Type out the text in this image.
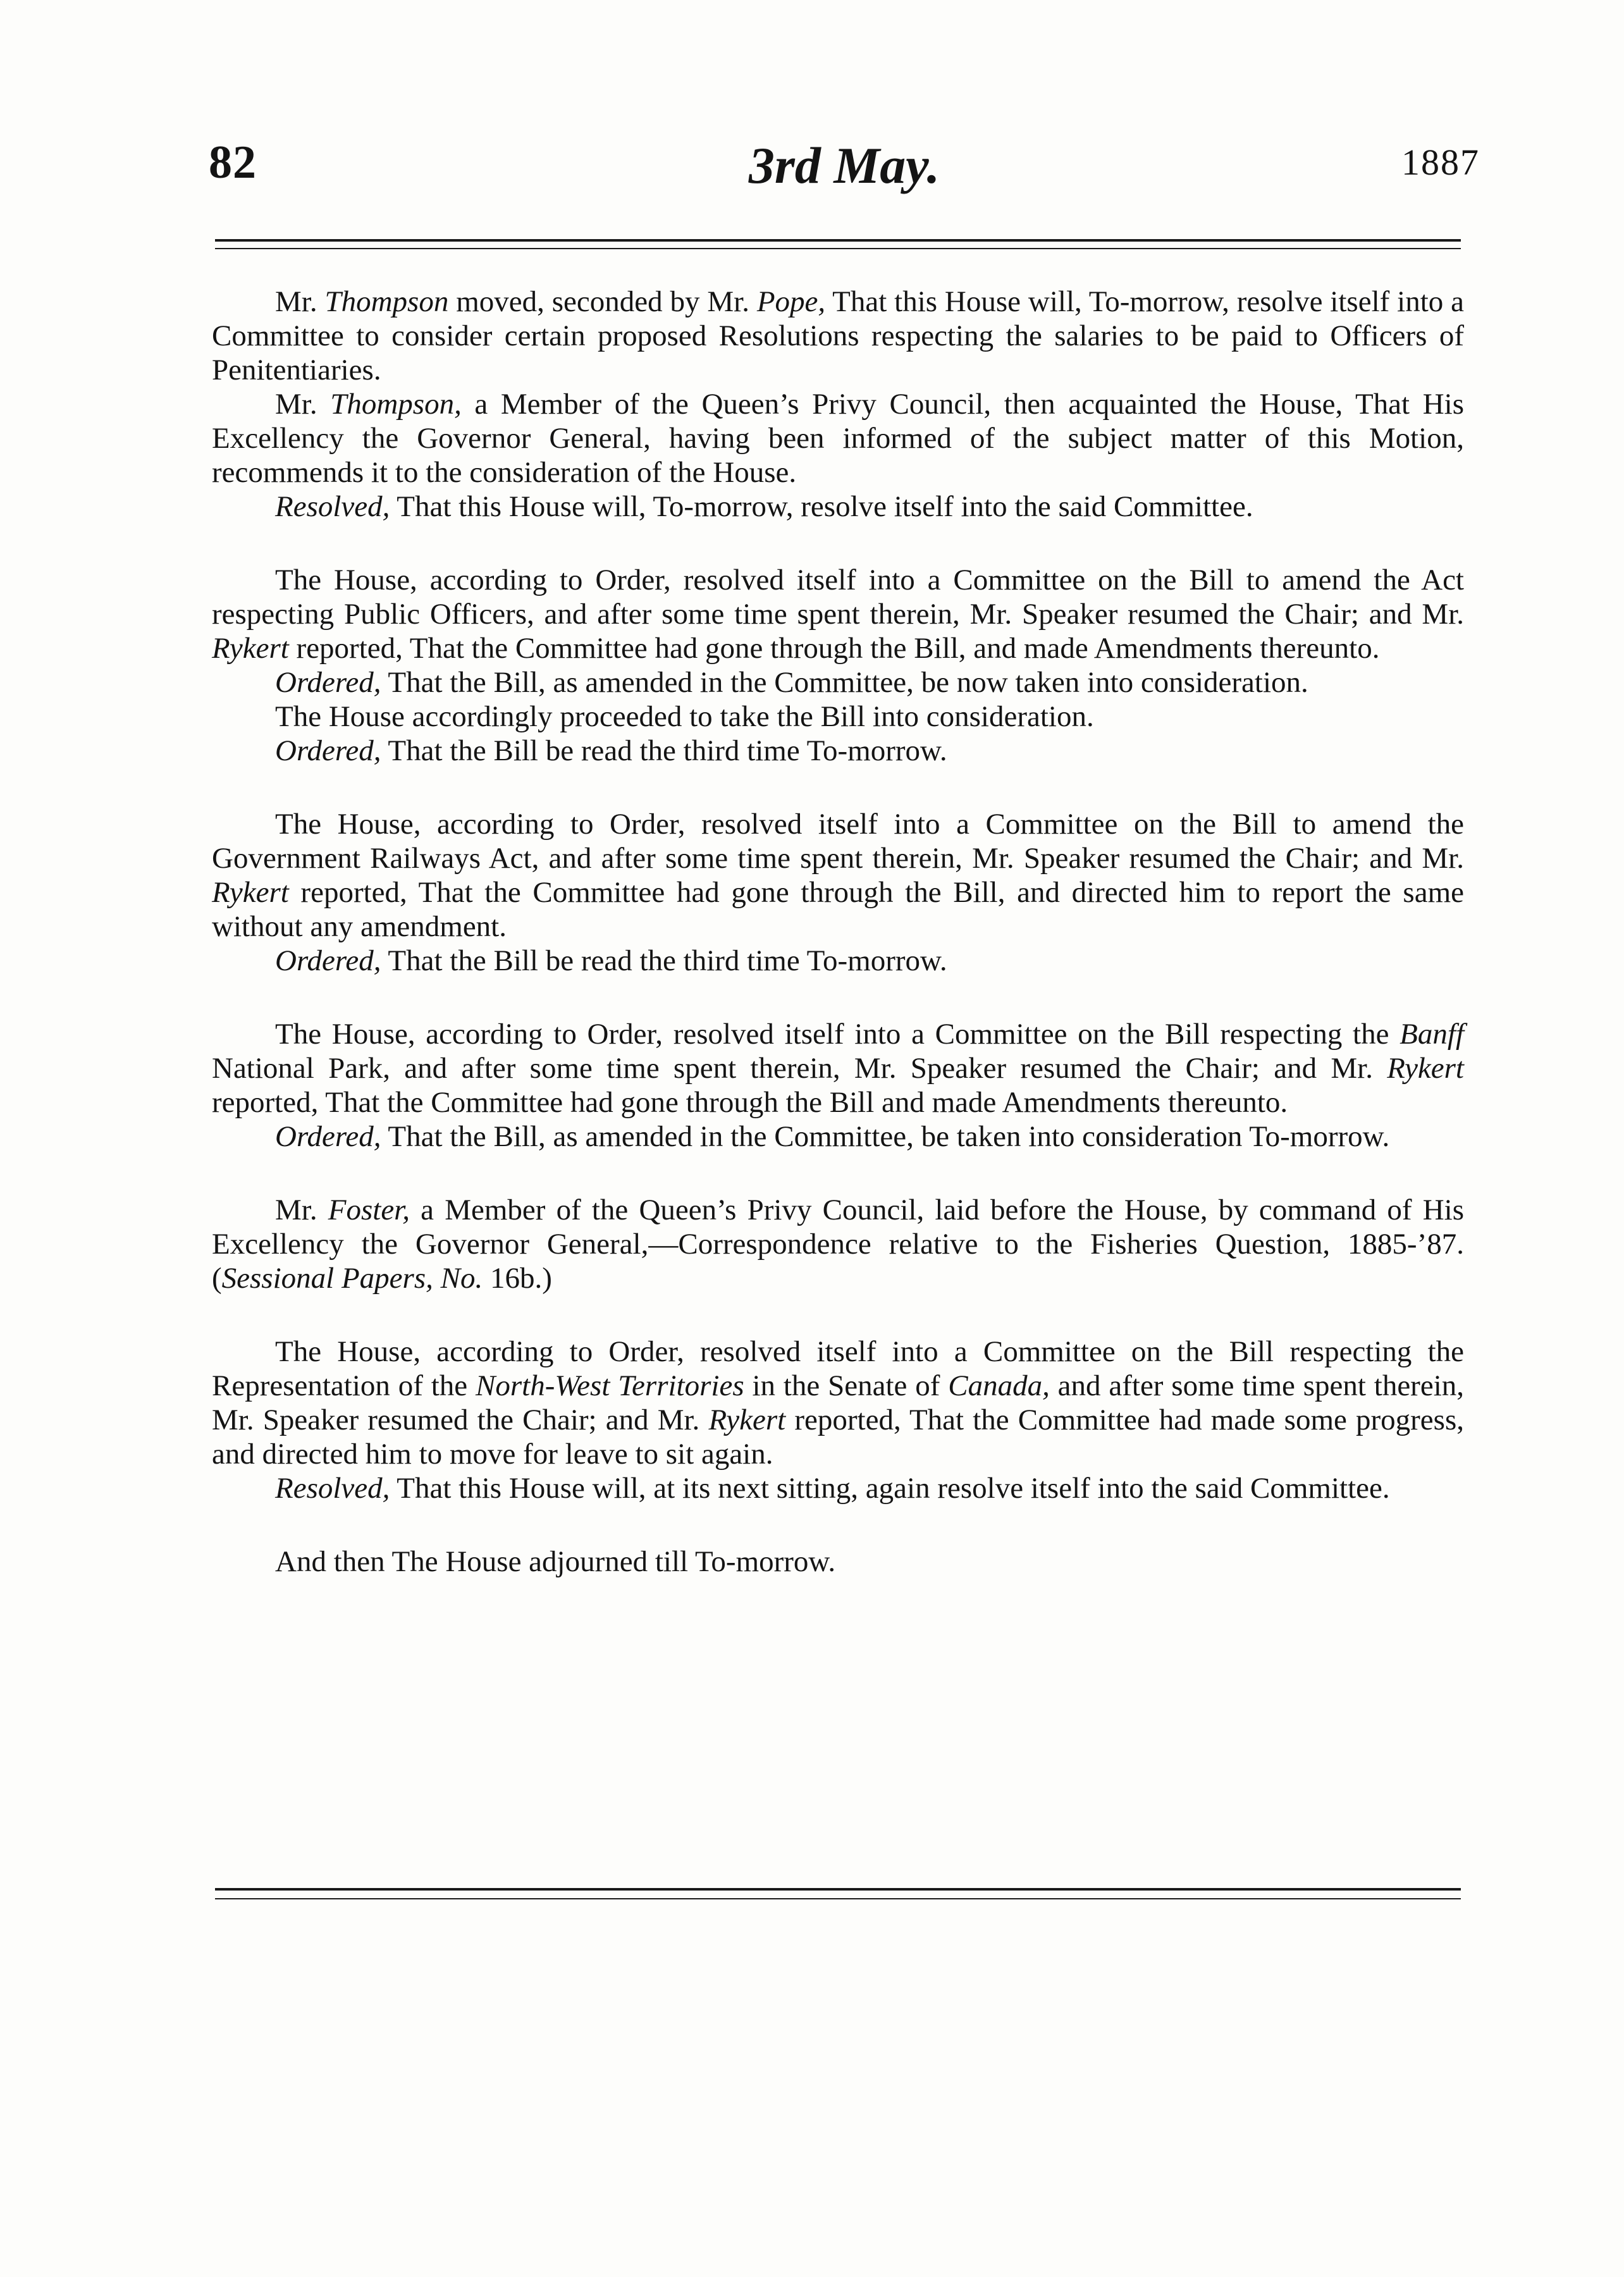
82	3rd May.	1887

Mr. Thompson moved, seconded by Mr. Pope, That this House will, To-morrow, resolve itself into a Committee to consider certain proposed Resolutions respecting the salaries to be paid to Officers of Penitentiaries.

Mr. Thompson, a Member of the Queen’s Privy Council, then acquainted the House, That His Excellency the Governor General, having been informed of the subject matter of this Motion, recommends it to the consideration of the House.

Resolved, That this House will, To-morrow, resolve itself into the said Committee.

The House, according to Order, resolved itself into a Committee on the Bill to amend the Act respecting Public Officers, and after some time spent therein, Mr. Speaker resumed the Chair; and Mr. Rykert reported, That the Committee had gone through the Bill, and made Amendments thereunto.

Ordered, That the Bill, as amended in the Committee, be now taken into consideration.

The House accordingly proceeded to take the Bill into consideration.

Ordered, That the Bill be read the third time To-morrow.

The House, according to Order, resolved itself into a Committee on the Bill to amend the Government Railways Act, and after some time spent therein, Mr. Speaker resumed the Chair; and Mr. Rykert reported, That the Committee had gone through the Bill, and directed him to report the same without any amendment.

Ordered, That the Bill be read the third time To-morrow.

The House, according to Order, resolved itself into a Committee on the Bill respecting the Banff National Park, and after some time spent therein, Mr. Speaker resumed the Chair; and Mr. Rykert reported, That the Committee had gone through the Bill and made Amendments thereunto.

Ordered, That the Bill, as amended in the Committee, be taken into consideration To-morrow.

Mr. Foster, a Member of the Queen’s Privy Council, laid before the House, by command of His Excellency the Governor General,—Correspondence relative to the Fisheries Question, 1885-’87. (Sessional Papers, No. 16b.)

The House, according to Order, resolved itself into a Committee on the Bill respecting the Representation of the North-West Territories in the Senate of Canada, and after some time spent therein, Mr. Speaker resumed the Chair; and Mr. Rykert reported, That the Committee had made some progress, and directed him to move for leave to sit again.

Resolved, That this House will, at its next sitting, again resolve itself into the said Committee.

And then The House adjourned till To-morrow.
